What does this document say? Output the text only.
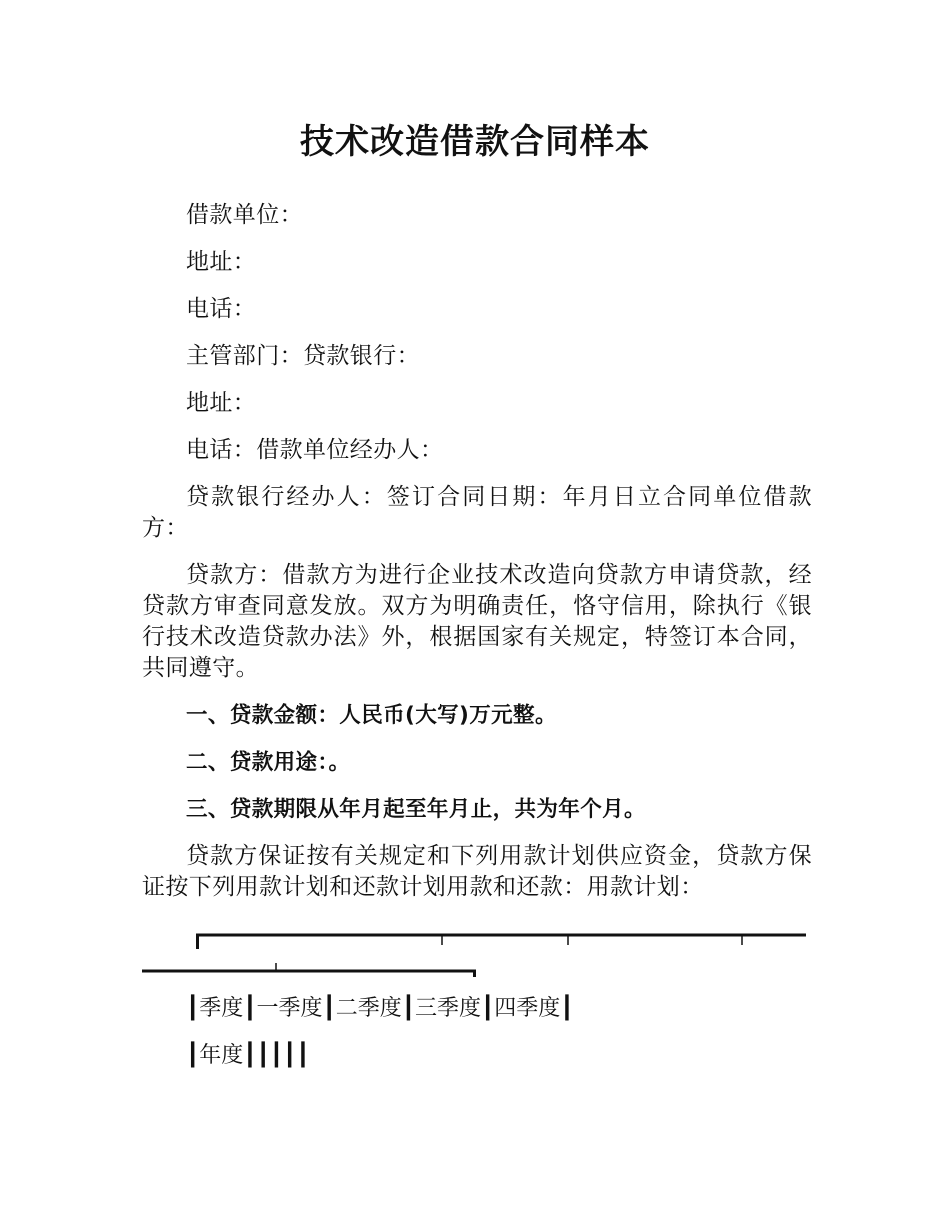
技术改造借款合同样本

借款单位：

地址：

电话：

主管部门：贷款银行：

地址：

电话：借款单位经办人：

贷款银行经办人：签订合同日期：年月日立合同单位借款方：

贷款方：借款方为进行企业技术改造向贷款方申请贷款，经贷款方审查同意发放。双方为明确责任，恪守信用，除执行《银行技术改造贷款办法》外，根据国家有关规定，特签订本合同，共同遵守。

一、贷款金额：人民币(大写)万元整。

二、贷款用途：。

三、贷款期限从年月起至年月止，共为年个月。

贷款方保证按有关规定和下列用款计划供应资金，贷款方保证按下列用款计划和还款计划用款和还款：用款计划：

┃季度┃一季度┃二季度┃三季度┃四季度┃

┃年度┃┃┃┃┃
